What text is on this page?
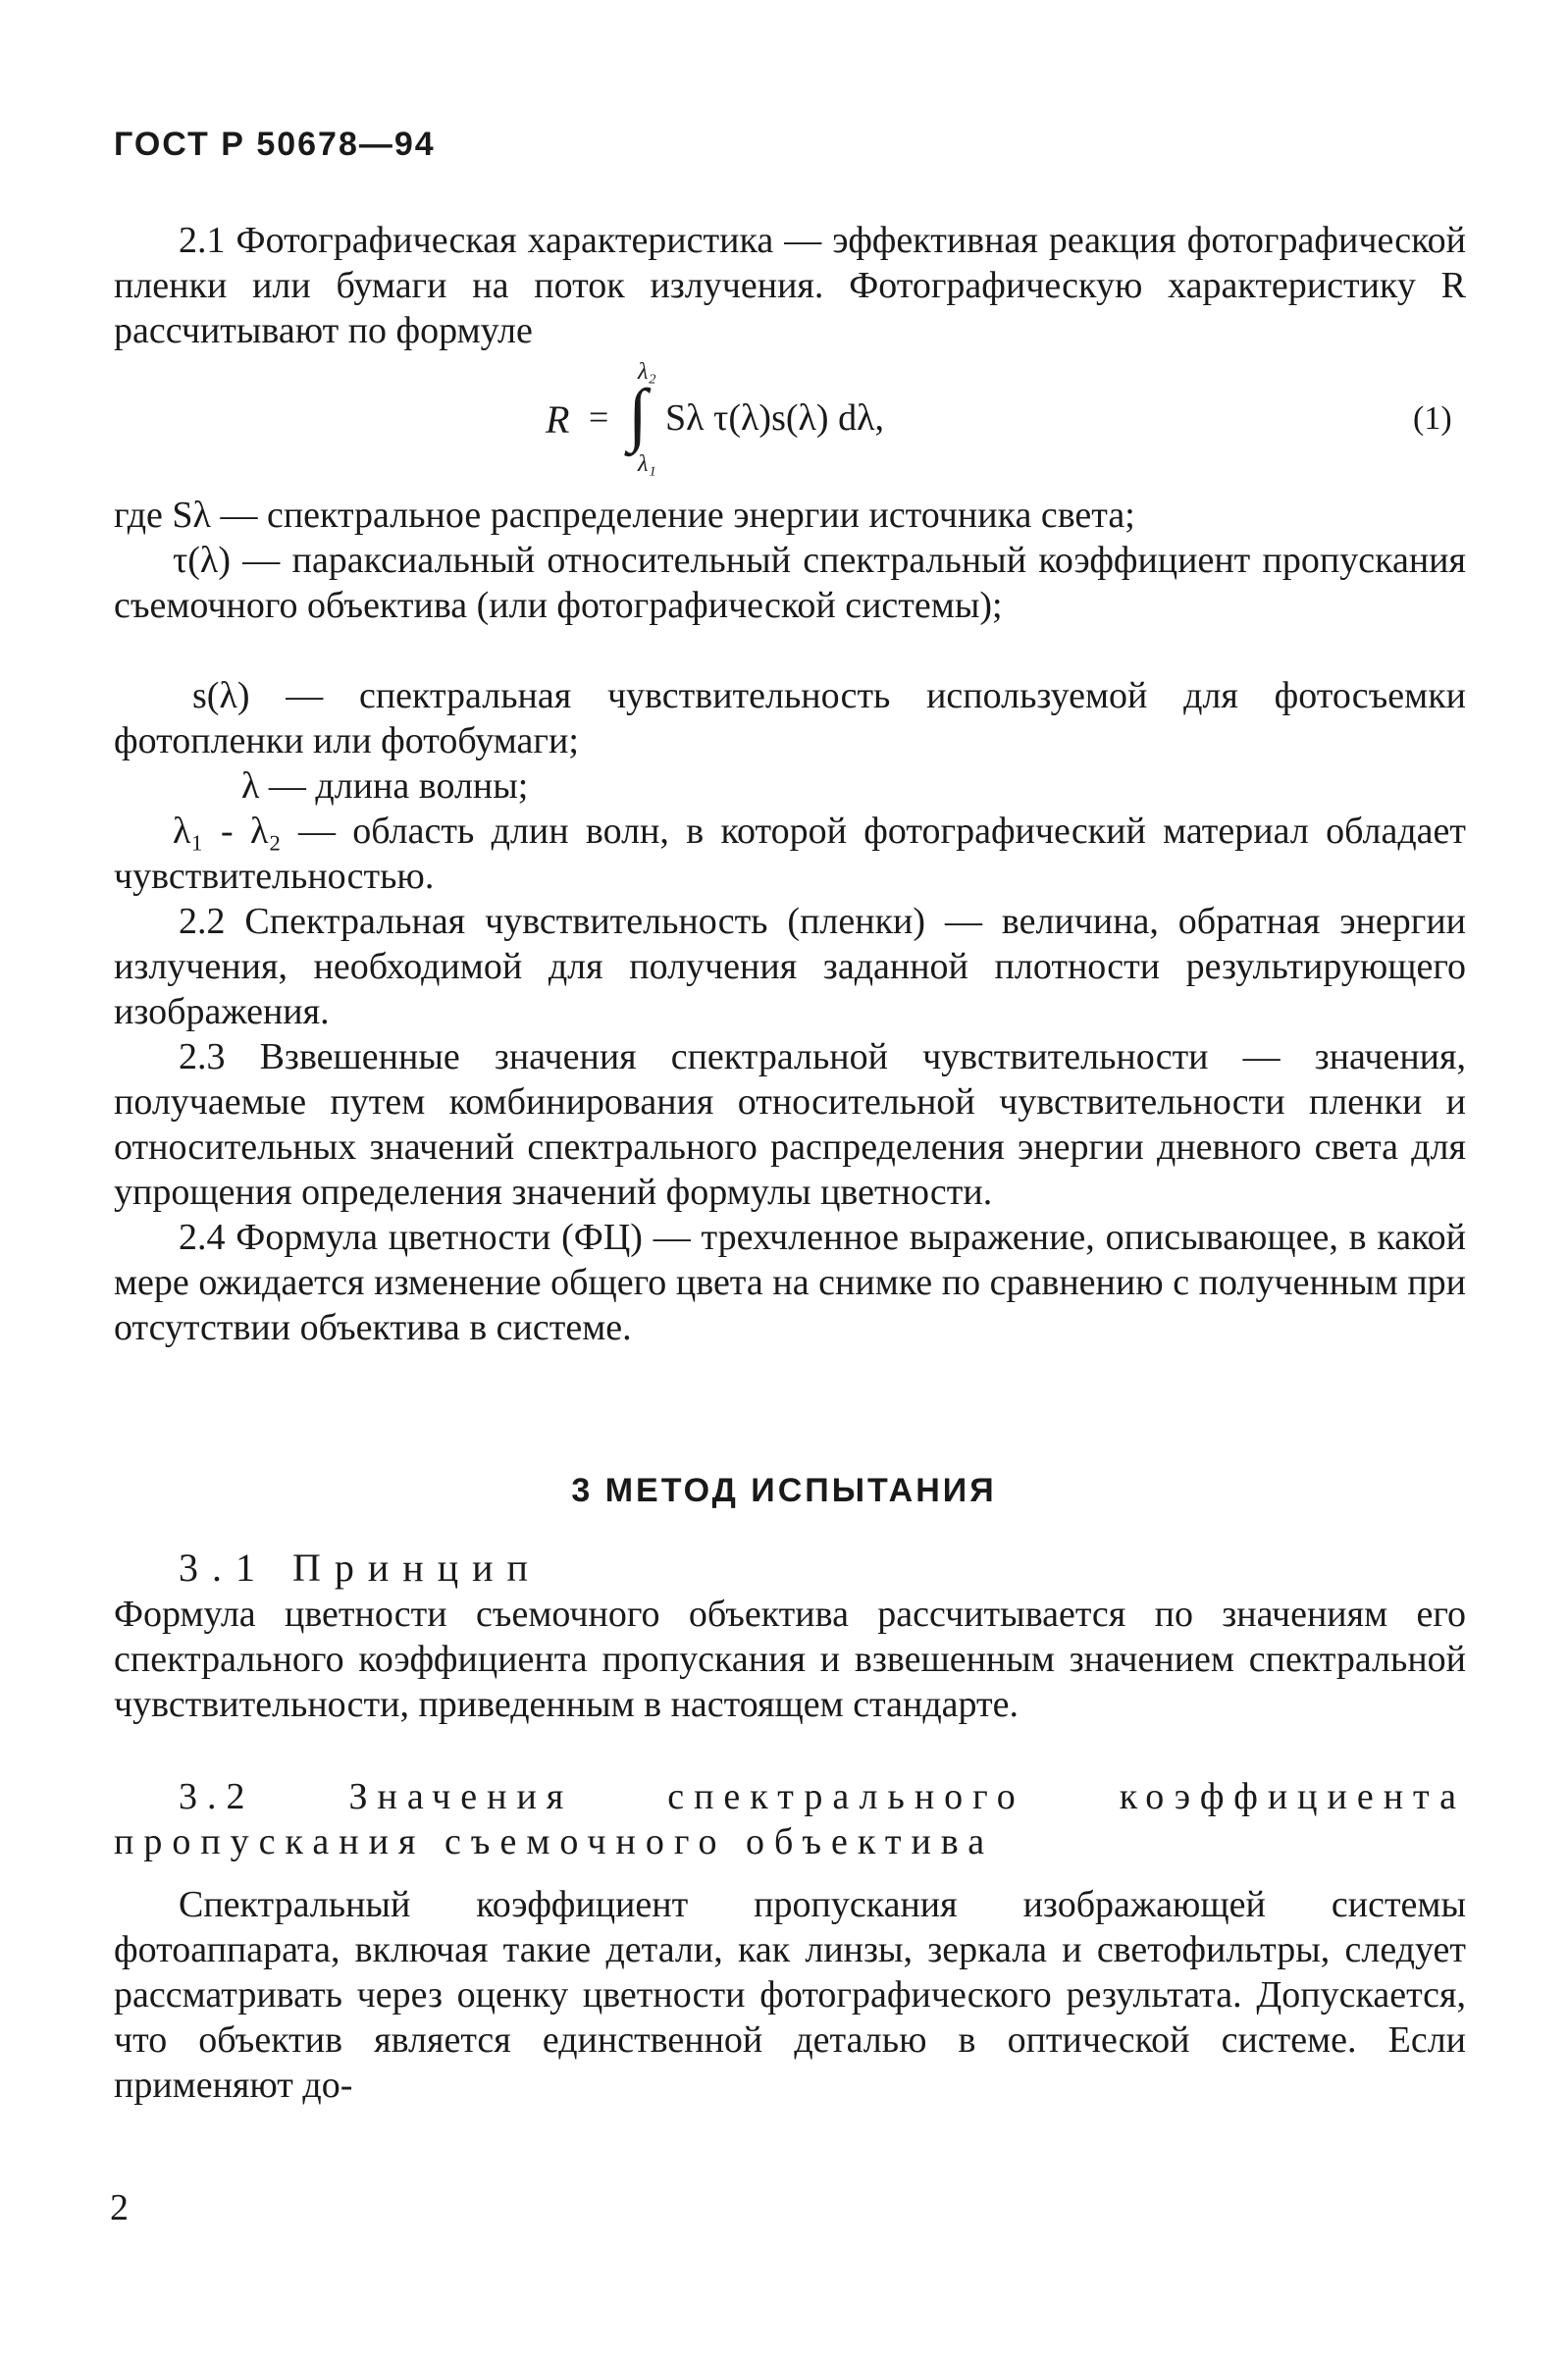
ГОСТ Р 50678—94
2.1 Фотографическая характеристика — эффективная реакция фотографической пленки или бумаги на поток излучения. Фотографическую характеристику R рассчитывают по формуле
R =
λ₂
∫
λ₁
Sλ τ(λ)s(λ) dλ,	(1)
где Sλ — спектральное распределение энергии источника света;
τ(λ) — параксиальный относительный спектральный коэффициент пропускания съемочного объектива (или фотографической системы);
s(λ) — спектральная чувствительность используемой для фотосъемки фотопленки или фотобумаги;
λ — длина волны;
λ₁ - λ₂ — область длин волн, в которой фотографический материал обладает чувствительностью.
2.2 Спектральная чувствительность (пленки) — величина, обратная энергии излучения, необходимой для получения заданной плотности результирующего изображения.
2.3 Взвешенные значения спектральной чувствительности — значения, получаемые путем комбинирования относительной чувствительности пленки и относительных значений спектрального распределения энергии дневного света для упрощения определения значений формулы цветности.
2.4 Формула цветности (ФЦ) — трехчленное выражение, описывающее, в какой мере ожидается изменение общего цвета на снимке по сравнению с полученным при отсутствии объектива в системе.
3 МЕТОД ИСПЫТАНИЯ
3.1 Принцип
Формула цветности съемочного объектива рассчитывается по значениям его спектрального коэффициента пропускания и взвешенным значением спектральной чувствительности, приведенным в настоящем стандарте.
3.2 Значения спектрального коэффициента пропускания съемочного объектива
Спектральный коэффициент пропускания изображающей системы фотоаппарата, включая такие детали, как линзы, зеркала и светофильтры, следует рассматривать через оценку цветности фотографического результата. Допускается, что объектив является единственной деталью в оптической системе. Если применяют до-
2
